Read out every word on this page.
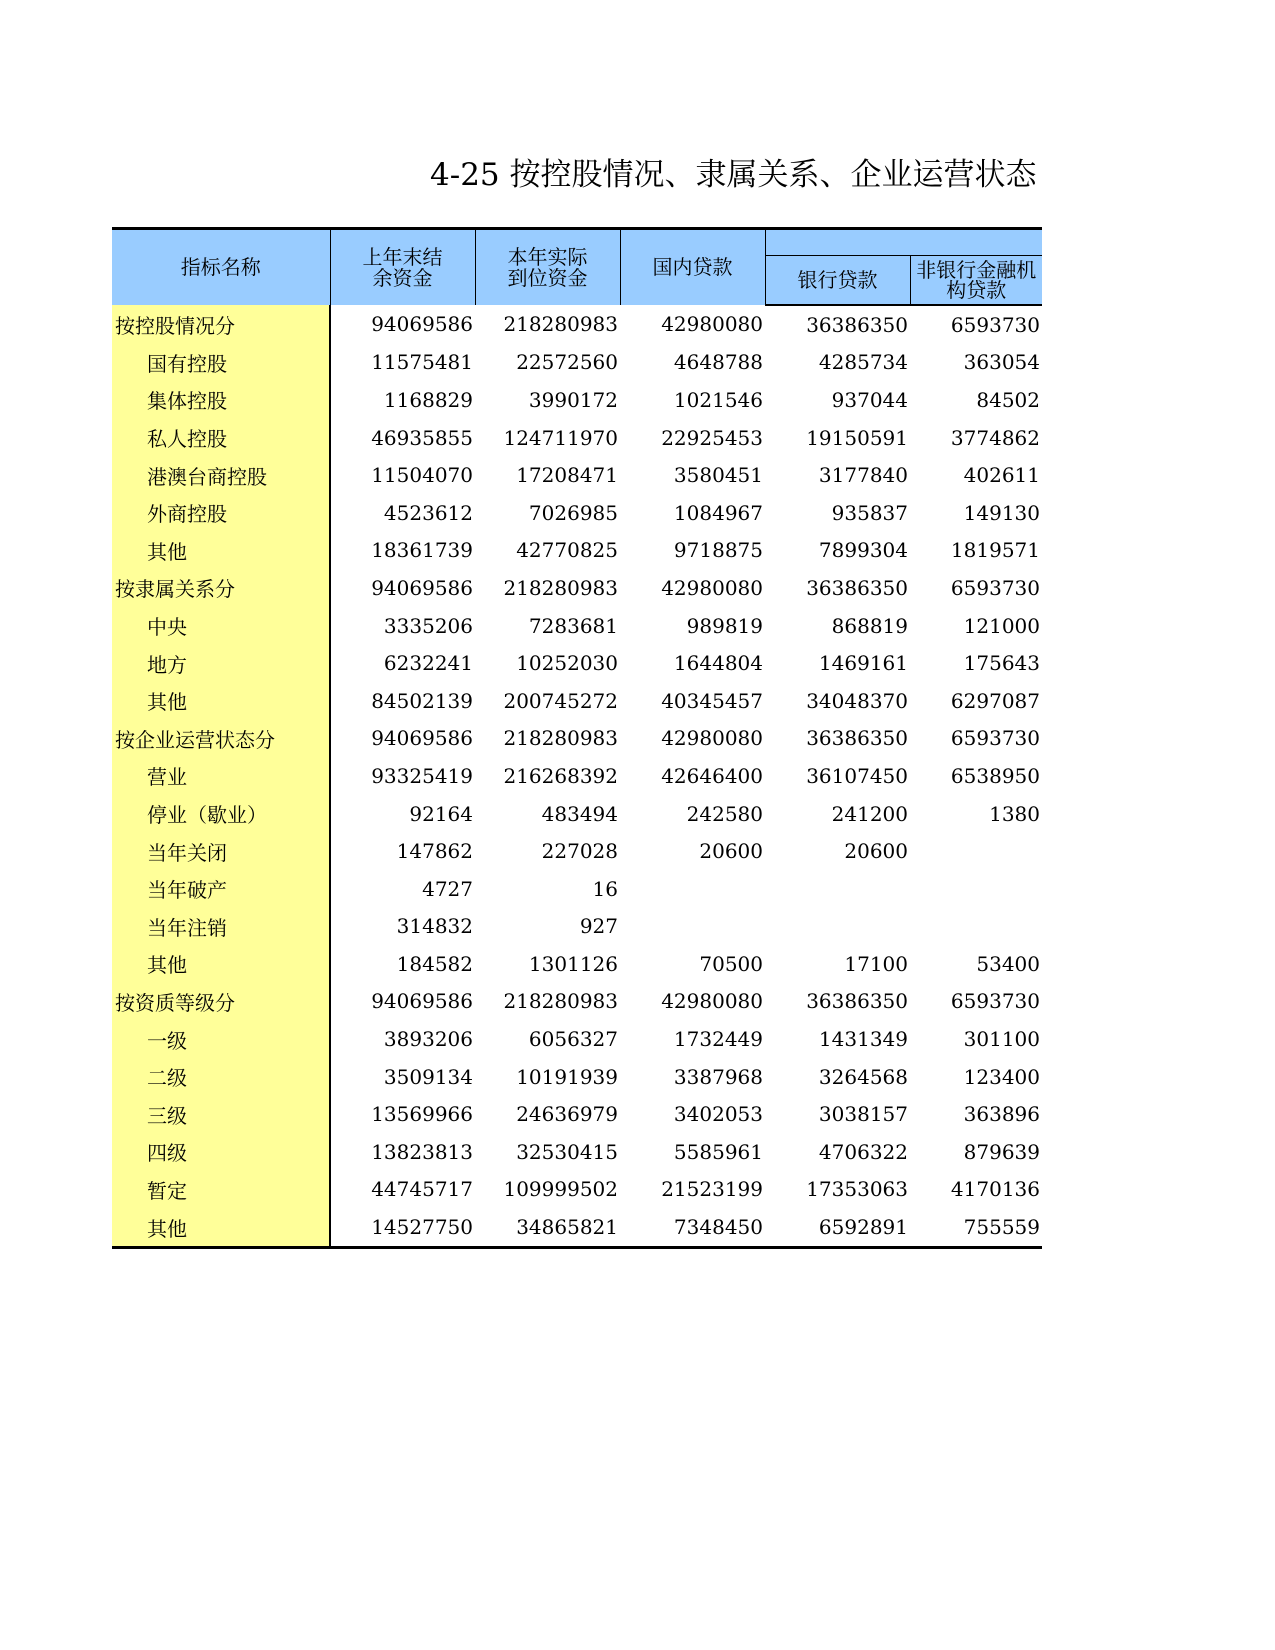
4-25 按控股情况、隶属关系、企业运营状态
指标名称	上年末结余资金	本年实际到位资金	国内贷款		
				银行贷款	非银行金融机构贷款

按控股情况分	94069586	218280983	42980080	36386350	6593730
国有控股	11575481	22572560	4648788	4285734	363054
集体控股	1168829	3990172	1021546	937044	84502
私人控股	46935855	124711970	22925453	19150591	3774862
港澳台商控股	11504070	17208471	3580451	3177840	402611
外商控股	4523612	7026985	1084967	935837	149130
其他	18361739	42770825	9718875	7899304	1819571
按隶属关系分	94069586	218280983	42980080	36386350	6593730
中央	3335206	7283681	989819	868819	121000
地方	6232241	10252030	1644804	1469161	175643
其他	84502139	200745272	40345457	34048370	6297087
按企业运营状态分	94069586	218280983	42980080	36386350	6593730
营业	93325419	216268392	42646400	36107450	6538950
停业（歇业）	92164	483494	242580	241200	1380
当年关闭	147862	227028	20600	20600	
当年破产	4727	16			
当年注销	314832	927			
其他	184582	1301126	70500	17100	53400
按资质等级分	94069586	218280983	42980080	36386350	6593730
一级	3893206	6056327	1732449	1431349	301100
二级	3509134	10191939	3387968	3264568	123400
三级	13569966	24636979	3402053	3038157	363896
四级	13823813	32530415	5585961	4706322	879639
暂定	44745717	109999502	21523199	17353063	4170136
其他	14527750	34865821	7348450	6592891	755559
